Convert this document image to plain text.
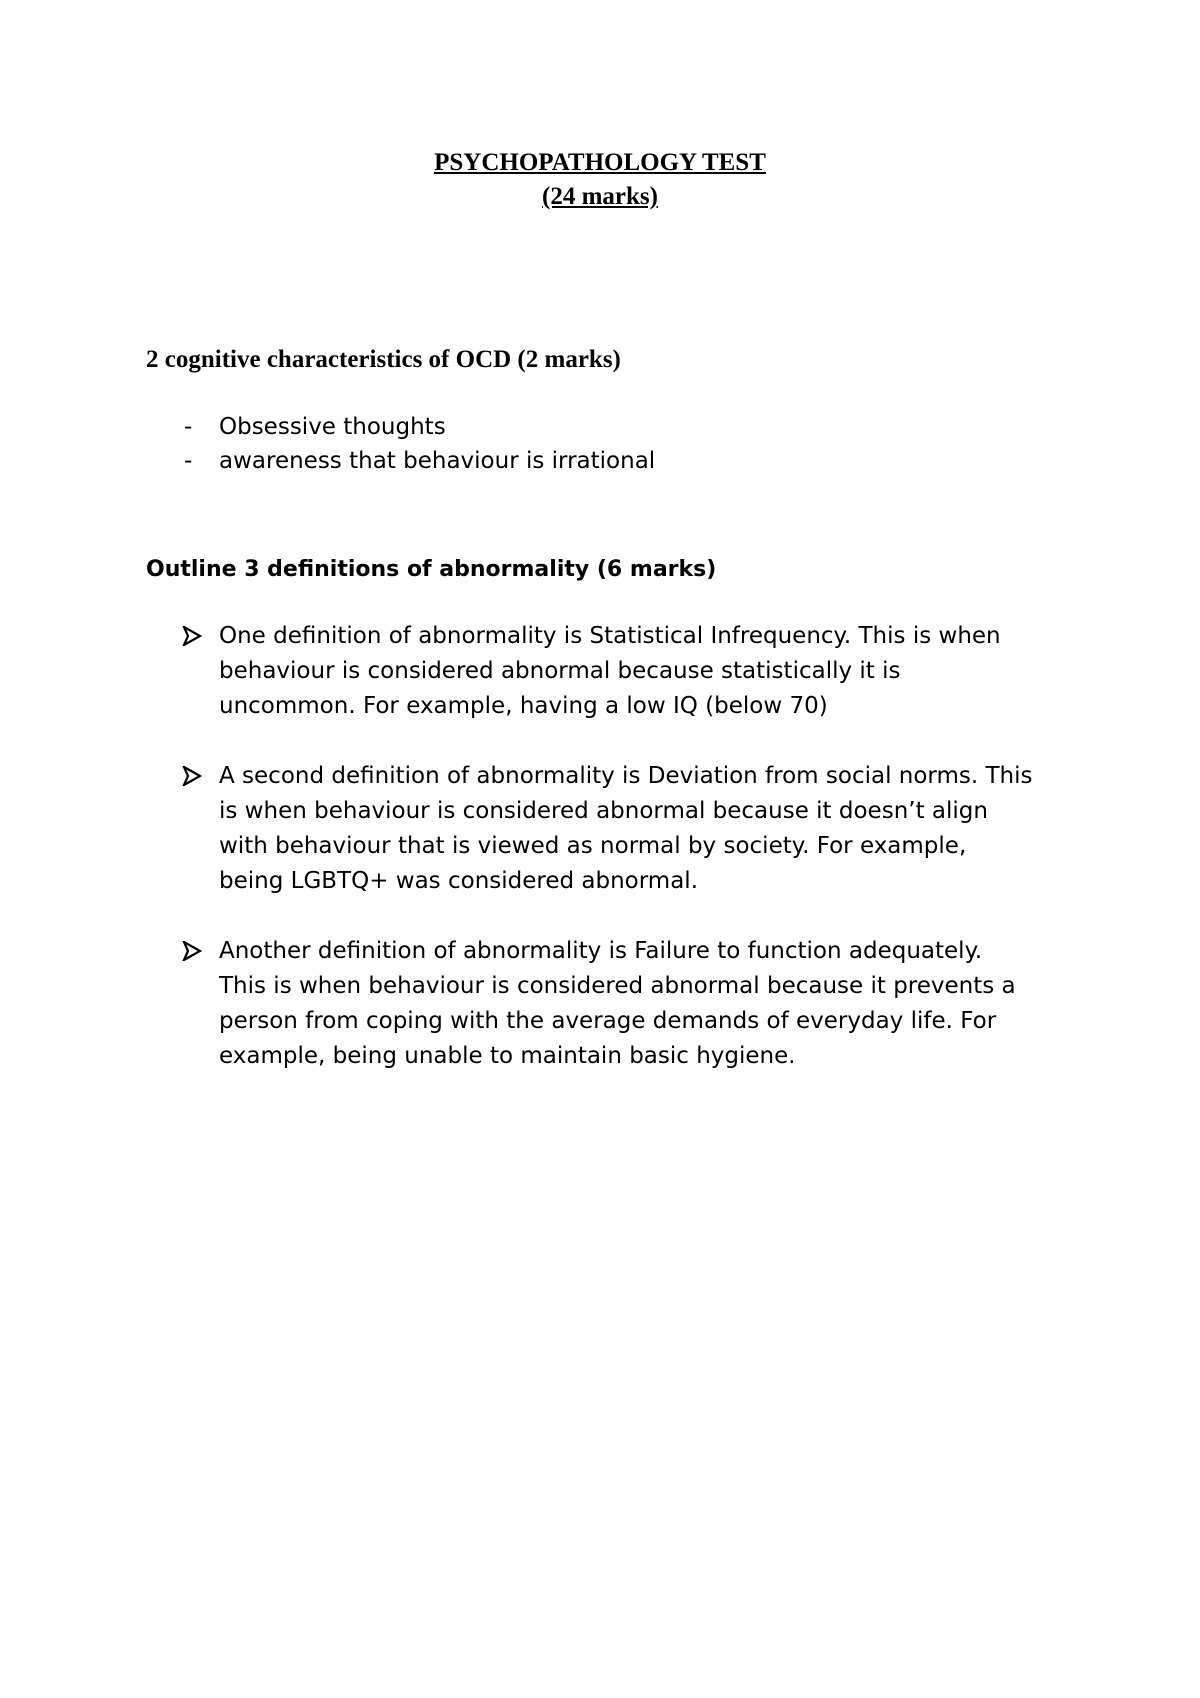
PSYCHOPATHOLOGY TEST
(24 marks)
2 cognitive characteristics of OCD (2 marks)
-	Obsessive thoughts
-	awareness that behaviour is irrational
Outline 3 definitions of abnormality (6 marks)
One definition of abnormality is Statistical Infrequency. This is when behaviour is considered abnormal because statistically it is uncommon. For example, having a low IQ (below 70)
A second definition of abnormality is Deviation from social norms. This is when behaviour is considered abnormal because it doesn’t align with behaviour that is viewed as normal by society. For example, being LGBTQ+ was considered abnormal.
Another definition of abnormality is Failure to function adequately. This is when behaviour is considered abnormal because it prevents a person from coping with the average demands of everyday life. For example, being unable to maintain basic hygiene.
